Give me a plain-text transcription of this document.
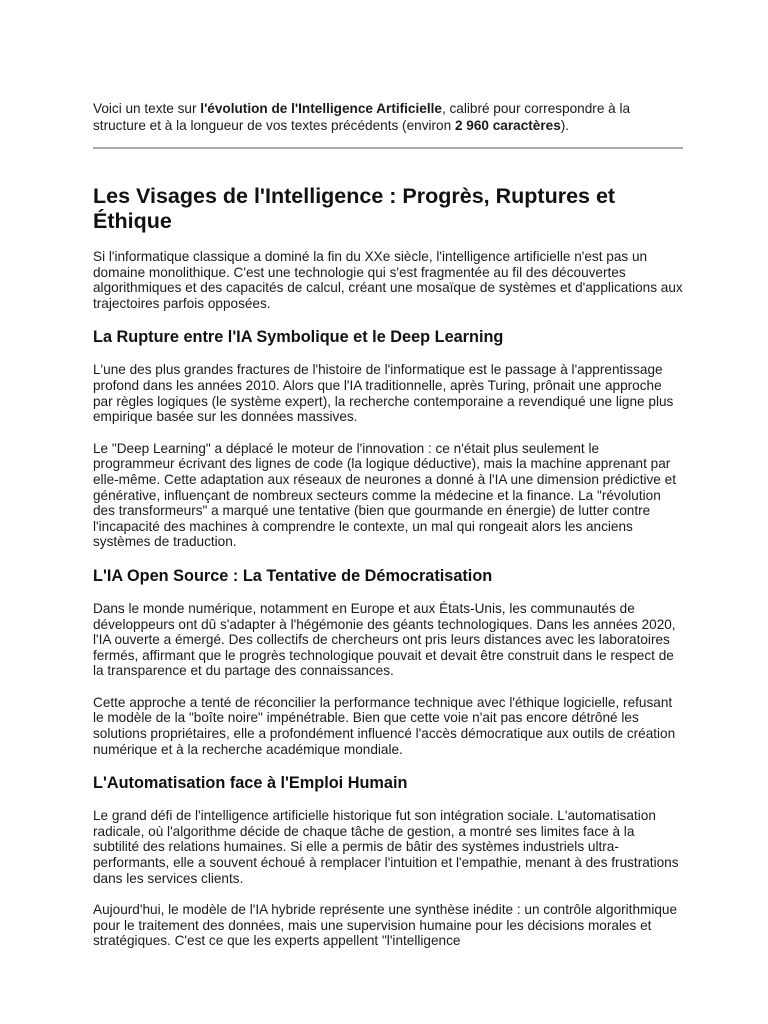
Voici un texte sur l'évolution de l'Intelligence Artificielle, calibré pour correspondre à la structure et à la longueur de vos textes précédents (environ 2 960 caractères).

Les Visages de l'Intelligence : Progrès, Ruptures et Éthique

Si l'informatique classique a dominé la fin du XXe siècle, l'intelligence artificielle n'est pas un domaine monolithique. C'est une technologie qui s'est fragmentée au fil des découvertes algorithmiques et des capacités de calcul, créant une mosaïque de systèmes et d'applications aux trajectoires parfois opposées.

La Rupture entre l'IA Symbolique et le Deep Learning

L'une des plus grandes fractures de l'histoire de l'informatique est le passage à l'apprentissage profond dans les années 2010. Alors que l'IA traditionnelle, après Turing, prônait une approche par règles logiques (le système expert), la recherche contemporaine a revendiqué une ligne plus empirique basée sur les données massives.

Le "Deep Learning" a déplacé le moteur de l'innovation : ce n'était plus seulement le programmeur écrivant des lignes de code (la logique déductive), mais la machine apprenant par elle-même. Cette adaptation aux réseaux de neurones a donné à l'IA une dimension prédictive et générative, influençant de nombreux secteurs comme la médecine et la finance. La "révolution des transformeurs" a marqué une tentative (bien que gourmande en énergie) de lutter contre l'incapacité des machines à comprendre le contexte, un mal qui rongeait alors les anciens systèmes de traduction.

L'IA Open Source : La Tentative de Démocratisation

Dans le monde numérique, notamment en Europe et aux États-Unis, les communautés de développeurs ont dû s'adapter à l'hégémonie des géants technologiques. Dans les années 2020, l'IA ouverte a émergé. Des collectifs de chercheurs ont pris leurs distances avec les laboratoires fermés, affirmant que le progrès technologique pouvait et devait être construit dans le respect de la transparence et du partage des connaissances.

Cette approche a tenté de réconcilier la performance technique avec l'éthique logicielle, refusant le modèle de la "boîte noire" impénétrable. Bien que cette voie n'ait pas encore détrôné les solutions propriétaires, elle a profondément influencé l'accès démocratique aux outils de création numérique et à la recherche académique mondiale.

L'Automatisation face à l'Emploi Humain

Le grand défi de l'intelligence artificielle historique fut son intégration sociale. L'automatisation radicale, où l'algorithme décide de chaque tâche de gestion, a montré ses limites face à la subtilité des relations humaines. Si elle a permis de bâtir des systèmes industriels ultra-performants, elle a souvent échoué à remplacer l'intuition et l'empathie, menant à des frustrations dans les services clients.

Aujourd'hui, le modèle de l'IA hybride représente une synthèse inédite : un contrôle algorithmique pour le traitement des données, mais une supervision humaine pour les décisions morales et stratégiques. C'est ce que les experts appellent "l'intelligence
